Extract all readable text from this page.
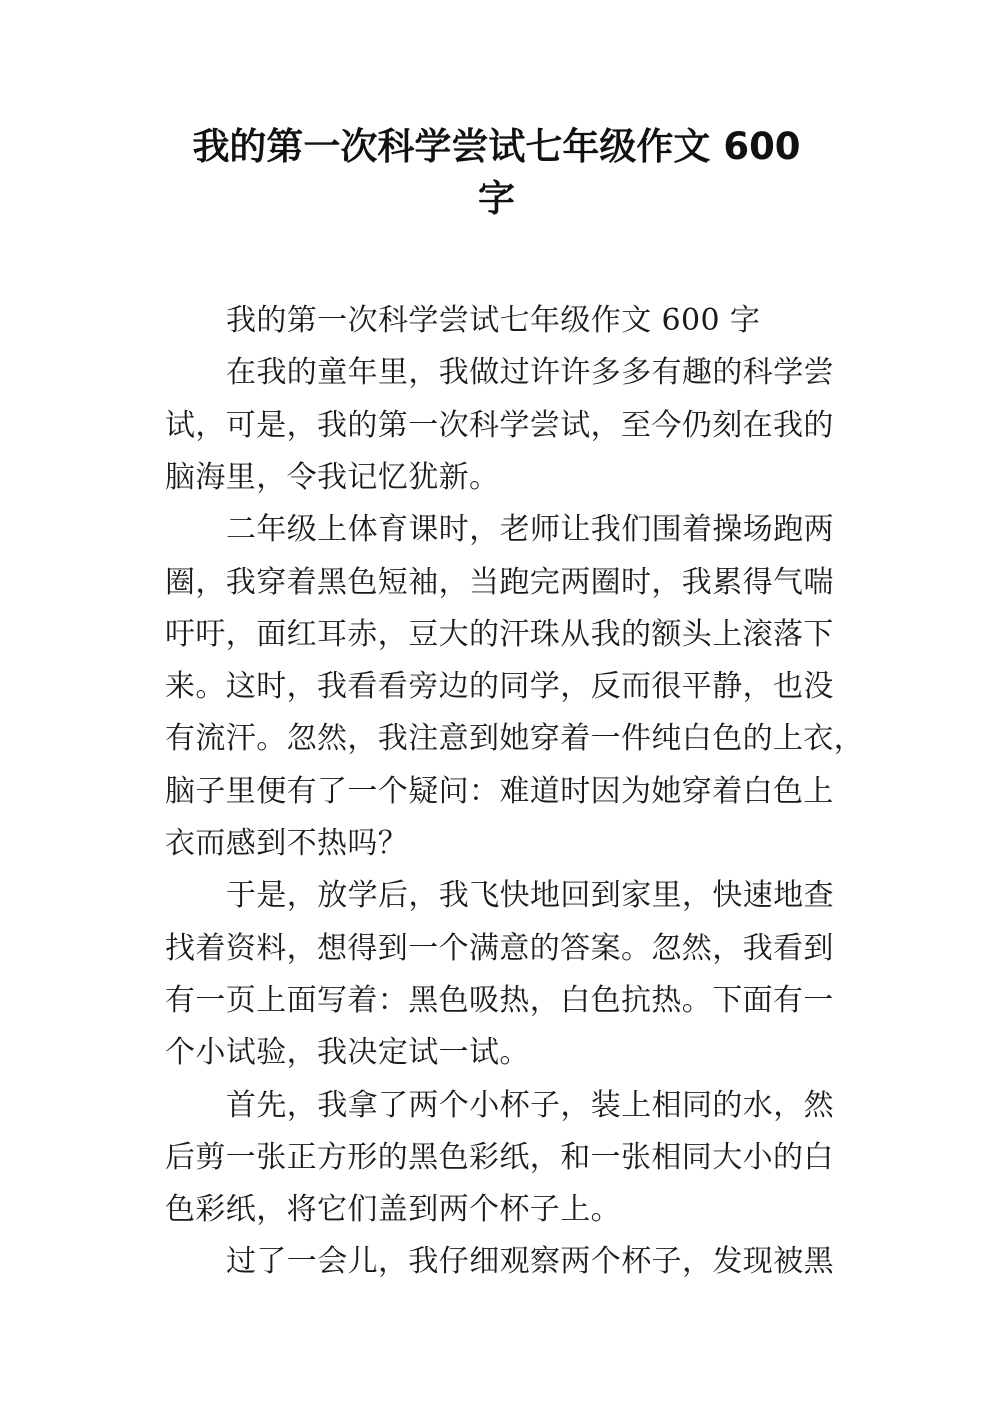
我的第一次科学尝试七年级作文 600
字
我的第一次科学尝试七年级作文 600 字
在我的童年里，我做过许许多多有趣的科学尝
试，可是，我的第一次科学尝试，至今仍刻在我的
脑海里，令我记忆犹新。
二年级上体育课时，老师让我们围着操场跑两
圈，我穿着黑色短袖，当跑完两圈时，我累得气喘
吁吁，面红耳赤，豆大的汗珠从我的额头上滚落下
来。这时，我看看旁边的同学，反而很平静，也没
有流汗。忽然，我注意到她穿着一件纯白色的上衣，
脑子里便有了一个疑问：难道时因为她穿着白色上
衣而感到不热吗？
于是，放学后，我飞快地回到家里，快速地查
找着资料，想得到一个满意的答案。忽然，我看到
有一页上面写着：黑色吸热，白色抗热。下面有一
个小试验，我决定试一试。
首先，我拿了两个小杯子，装上相同的水，然
后剪一张正方形的黑色彩纸，和一张相同大小的白
色彩纸，将它们盖到两个杯子上。
过了一会儿，我仔细观察两个杯子，发现被黑
